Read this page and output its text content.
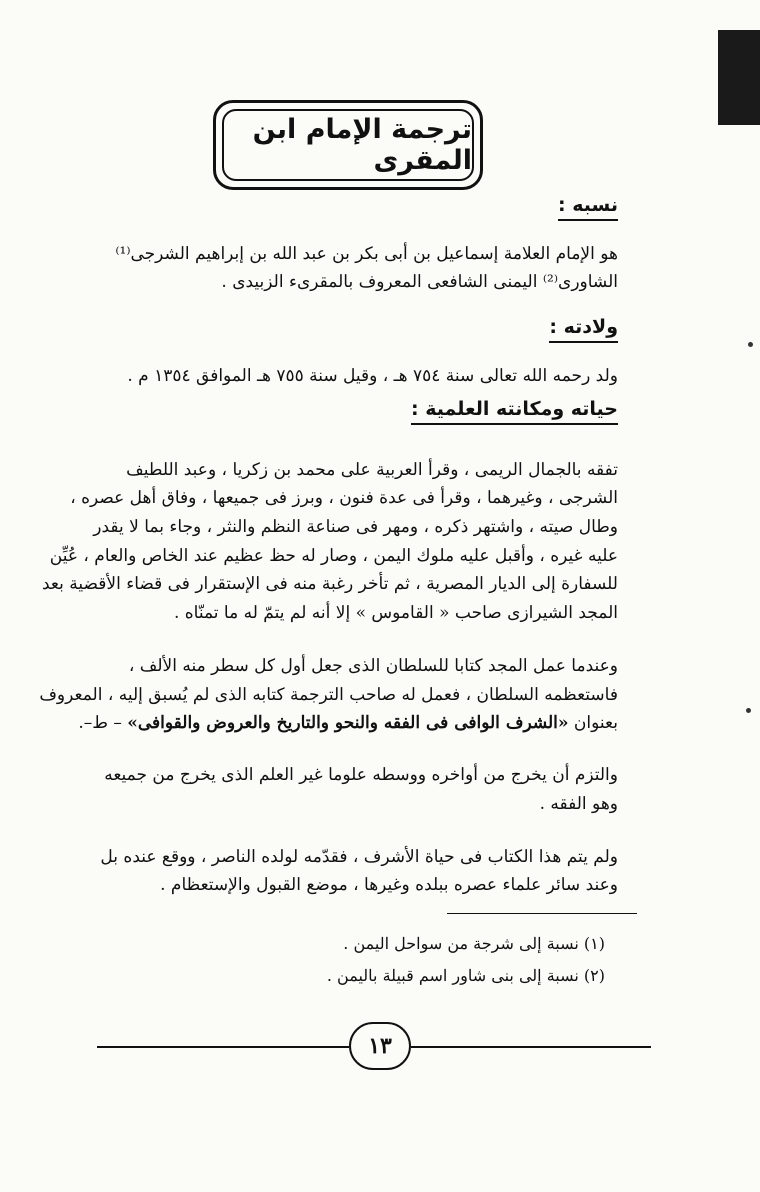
ترجمة الإمام ابن المقرى
نسبه :
هو الإمام العلامة إسماعيل بن أبى بكر بن عبد الله بن إبراهيم الشرجى⁽¹⁾
الشاورى⁽²⁾ اليمنى الشافعى المعروف بالمقرىء الزبيدى .
ولادته :
ولد رحمه الله تعالى سنة ٧٥٤ هـ ، وقيل سنة ٧٥٥ هـ الموافق ١٣٥٤ م .
حياته ومكانته العلمية :
تفقه بالجمال الريمى ، وقرأ العربية على محمد بن زكريا ، وعبد اللطيف
الشرجى ، وغيرهما ، وقرأ فى عدة فنون ، وبرز فى جميعها ، وفاق أهل عصره ،
وطال صيته ، واشتهر ذكره ، ومهر فى صناعة النظم والنثر ، وجاء بما لا يقدر
عليه غيره ، وأقبل عليه ملوك اليمن ، وصار له حظ عظيم عند الخاص والعام ، عُيِّن
للسفارة إلى الديار المصرية ، ثم تأخر رغبة منه فى الإستقرار فى قضاء الأقضية بعد
المجد الشيرازى صاحب « القاموس » إلا أنه لم يتمّ له ما تمنّاه .
وعندما عمل المجد كتابا للسلطان الذى جعل أول كل سطر منه الألف ،
فاستعظمه السلطان ، فعمل له صاحب الترجمة كتابه الذى لم يُسبق إليه ، المعروف
بعنوان «الشرف الوافى فى الفقه والنحو والتاريخ والعروض والقوافى» – ط–.
والتزم أن يخرج من أواخره ووسطه علوما غير العلم الذى يخرج من جميعه
وهو الفقه .
ولم يتم هذا الكتاب فى حياة الأشرف ، فقدّمه لولده الناصر ، ووقع عنده بل
وعند سائر علماء عصره ببلده وغيرها ، موضع القبول والإستعظام .
(١) نسبة إلى شرجة من سواحل اليمن .
(٢) نسبة إلى بنى شاور اسم قبيلة باليمن .
١٣
